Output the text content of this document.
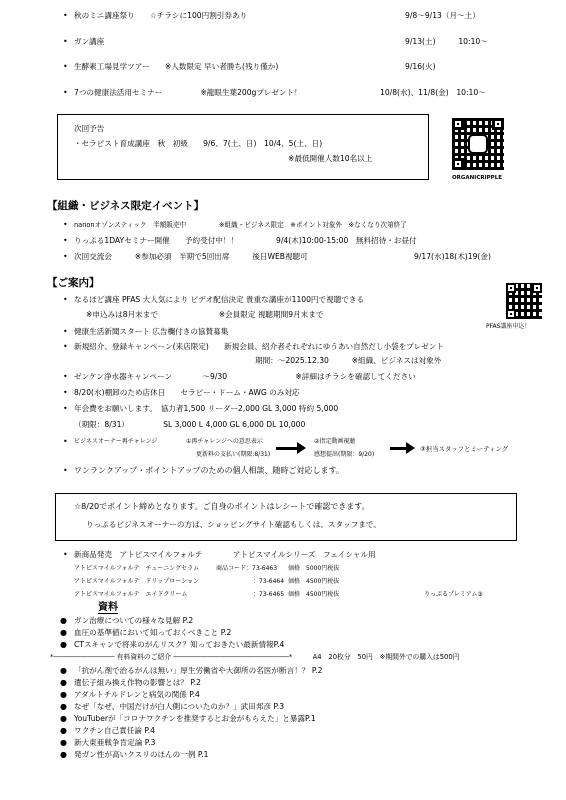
• 秋のミニ講座祭り　　☆チラシに100円割引券あり	9/8～9/13（月～土）
• ガン講座	9/13(土)　　　10:10～
• 生酵素工場見学ツアー　　※人数限定 早い者勝ち(残り僅か)	9/16(火)
• 7つの健康法活用セミナー　　　　　※龍眼生葉200gプレゼント！	10/8(水)、11/8(金)　10:10～
次回予告
・セラピスト育成講座　秋　初級　　9/6、7(土、日)　10/4、5(土、日)
※最低開催人数10名以上
ORGANICRIPPLE
【組織・ビジネス限定イベント】
• nanonオゾンスティック　半額販売中　　　　　※組織・ビジネス限定　※ポイント対象外　※なくなり次第終了
• りっぷる1DAYセミナー開催　　予約受付中！！　　　　　9/4(木)10:00-15:00　無料招待・お昼付
• 次回交流会　　　※参加必須　半期で5回出席　　　後日WEB視聴可	9/17(水)18(木)19(金)
【ご案内】
PFAS講座申込！
• なるほど講座 PFAS 大人気により ビデオ配信決定 貴重な講座が1100円で視聴できる
※申込みは8月末まで　　　　　　　　※会員限定 視聴期間9月末まで
• 健康生活新聞スタート 広告欄付きの協賛募集
• 新規紹介、登録キャンペーン(来店限定)　　新規会員、紹介者それぞれにゆうあい自然だし小袋をプレゼント
期間：～2025.12.30　　　※組織、ビジネスは対象外
• ゼンケン浄水器キャンペーン　　　　～9/30　　　　　　　　　※詳細はチラシを確認してください
• 8/20(水)棚卸のため店休日　　セラピー・ドーム・AWG のみ対応
• 年会費をお願いします。　協力者1,500 リーダー2,000 GL 3,000 特約 5,000
（期限：8/31）　　　　　SL 3,000 L 4,000 GL 6,000 DL 10,000
• ビジネスオーナー再チャレンジ	①再チャレンジへの意思表示
更新料の支払い(期限:8/31)
②指定動画視聴
感想提出(期限：9/20)
③担当スタッフとミーティング
• ワンランクアップ・ポイントアップのための個人相談、随時ご対応します。
☆8/20でポイント締めとなります。ご自身のポイントはレシートで確認できます。
りっぷるビジネスオーナーの方は、ショッピングサイト確認もしくは、スタッフまで。
• 新商品発売　アトピスマイルフォルテ　　　　アトピスマイルシリーズ　フェイシャル用
アトピスマイルフォルテ　チューニングセラム	商品コード：73-6463 価格　5000円税抜
アトピスマイルフォルテ　ドリップローション	：73-6464 価格　4500円税抜
アトピスマイルフォルテ　エイドクリーム	：73-6465 価格　4500円税抜	りっぷるプレミアム③
資料
● ガン治療についての様々な見解 P.2
● 血圧の基準値において知っておくべきこと P.2
● CTスキャンで将来のがんリスク？知っておきたい最新情報P.4
*――――――――― 有料資料のご紹介 ―――――――――――――――――*　　　A4　20枚分　50円　※期間外での購入は500円
● 「抗がん剤で治るがんは無い」厚生労働省や大御所の名医が断言！？ P.2
● 遺伝子組み換え作物の影響とは？ P.2
● アダルトチルドレンと病気の関係 P.4
● なぜ「なぜ、中国だけが白人側についたのか？」武田邦彦 P.3
● YouTuberが「コロナワクチンを推奨するとお金がもらえた」と暴露P.1
● ワクチン自己責任論 P.4
● 新大東亜戦争肯定論 P.3
● 発ガン性が高いクスリのほんの一例 P.1
